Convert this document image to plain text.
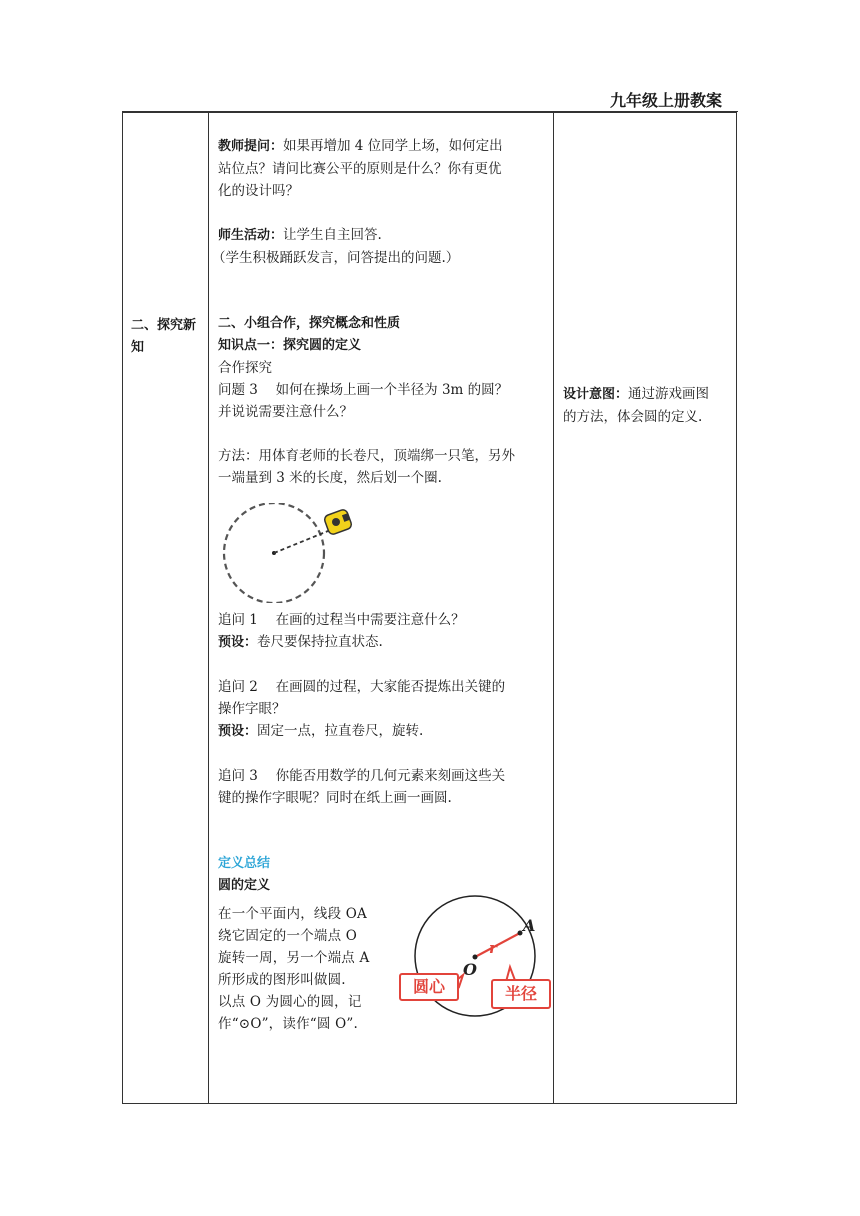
九年级上册教案
二、探究新
知

教师提问：如果再增加 4 位同学上场，如何定出

站位点？请问比赛公平的原则是什么？你有更优

化的设计吗？

师生活动：让学生自主回答.

（学生积极踊跃发言，问答提出的问题.）

二、小组合作，探究概念和性质

知识点一：探究圆的定义

合作探究

问题 3　 如何在操场上画一个半径为 3m 的圆？

并说说需要注意什么？

方法：用体育老师的长卷尺，顶端绑一只笔，另外

一端量到 3 米的长度，然后划一个圈.

追问 1　 在画的过程当中需要注意什么？

预设：卷尺要保持拉直状态.

追问 2　 在画圆的过程，大家能否提炼出关键的

操作字眼？

预设：固定一点，拉直卷尺，旋转.

追问 3　 你能否用数学的几何元素来刻画这些关

键的操作字眼呢？同时在纸上画一画圆.

定义总结

圆的定义

在一个平面内，线段 OA

绕它固定的一个端点 O

旋转一周，另一个端点 A

所形成的图形叫做圆.

以点 O 为圆心的圆，记

作“⊙O”，读作“圆 O”.

A
O
r
圆心	半径

设计意图：通过游戏画图

的方法，体会圆的定义.
